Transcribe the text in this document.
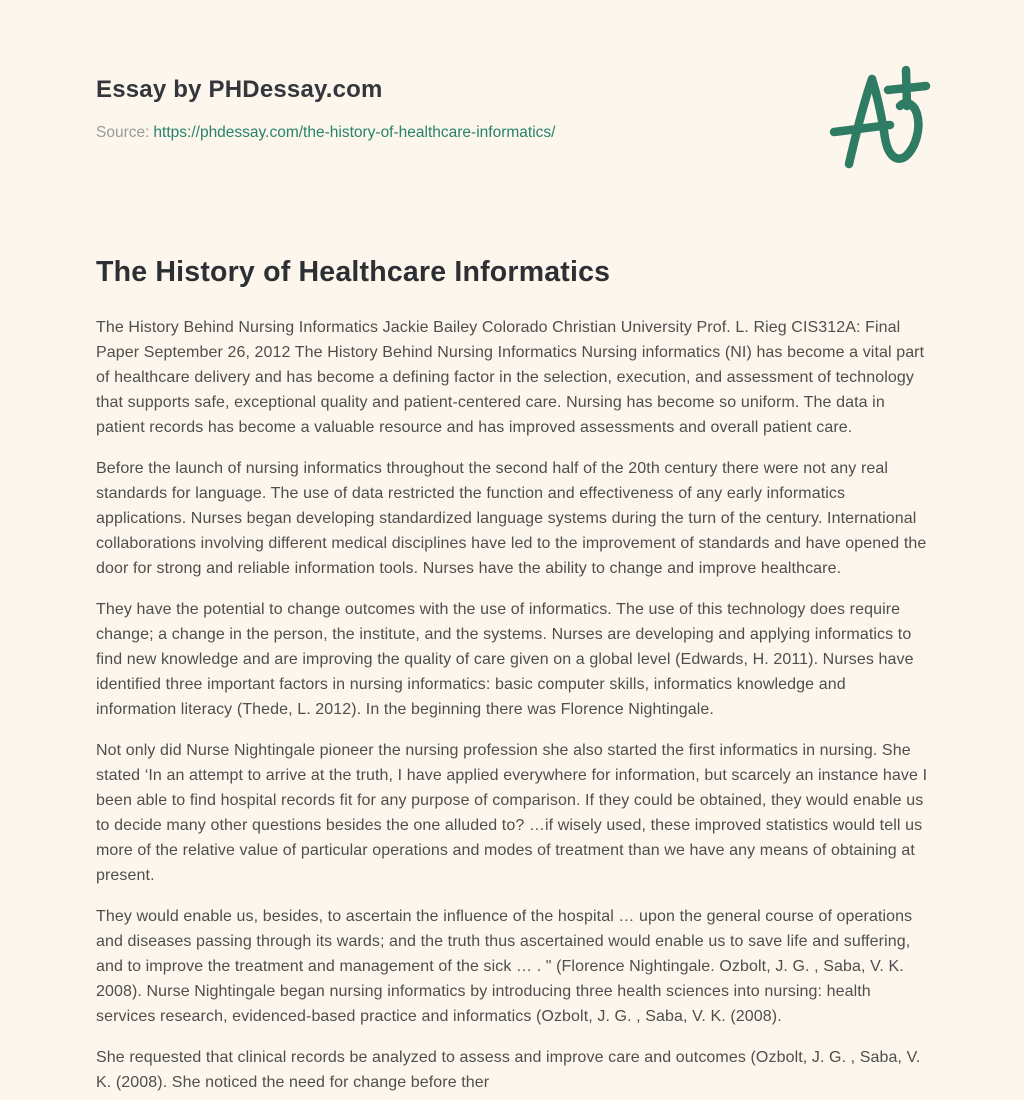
Essay by PHDessay.com
Source: https://phdessay.com/the-history-of-healthcare-informatics/
The History of Healthcare Informatics

The History Behind Nursing Informatics Jackie Bailey Colorado Christian University Prof. L. Rieg CIS312A: Final Paper September 26, 2012 The History Behind Nursing Informatics Nursing informatics (NI) has become a vital part of healthcare delivery and has become a defining factor in the selection, execution, and assessment of technology that supports safe, exceptional quality and patient-centered care. Nursing has become so uniform. The data in patient records has become a valuable resource and has improved assessments and overall patient care.

Before the launch of nursing informatics throughout the second half of the 20th century there were not any real standards for language. The use of data restricted the function and effectiveness of any early informatics applications. Nurses began developing standardized language systems during the turn of the century. International collaborations involving different medical disciplines have led to the improvement of standards and have opened the door for strong and reliable information tools. Nurses have the ability to change and improve healthcare.

They have the potential to change outcomes with the use of informatics. The use of this technology does require change; a change in the person, the institute, and the systems. Nurses are developing and applying informatics to find new knowledge and are improving the quality of care given on a global level (Edwards, H. 2011). Nurses have identified three important factors in nursing informatics: basic computer skills, informatics knowledge and information literacy (Thede, L. 2012). In the beginning there was Florence Nightingale.

Not only did Nurse Nightingale pioneer the nursing profession she also started the first informatics in nursing. She stated ‘In an attempt to arrive at the truth, I have applied everywhere for information, but scarcely an instance have I been able to find hospital records fit for any purpose of comparison. If they could be obtained, they would enable us to decide many other questions besides the one alluded to? …if wisely used, these improved statistics would tell us more of the relative value of particular operations and modes of treatment than we have any means of obtaining at present.

They would enable us, besides, to ascertain the influence of the hospital … upon the general course of operations and diseases passing through its wards; and the truth thus ascertained would enable us to save life and suffering, and to improve the treatment and management of the sick … . " (Florence Nightingale. Ozbolt, J. G. , Saba, V. K. 2008). Nurse Nightingale began nursing informatics by introducing three health sciences into nursing: health services research, evidenced-based practice and informatics (Ozbolt, J. G. , Saba, V. K. (2008).

She requested that clinical records be analyzed to assess and improve care and outcomes (Ozbolt, J. G. , Saba, V. K. (2008). She noticed the need for change before ther
